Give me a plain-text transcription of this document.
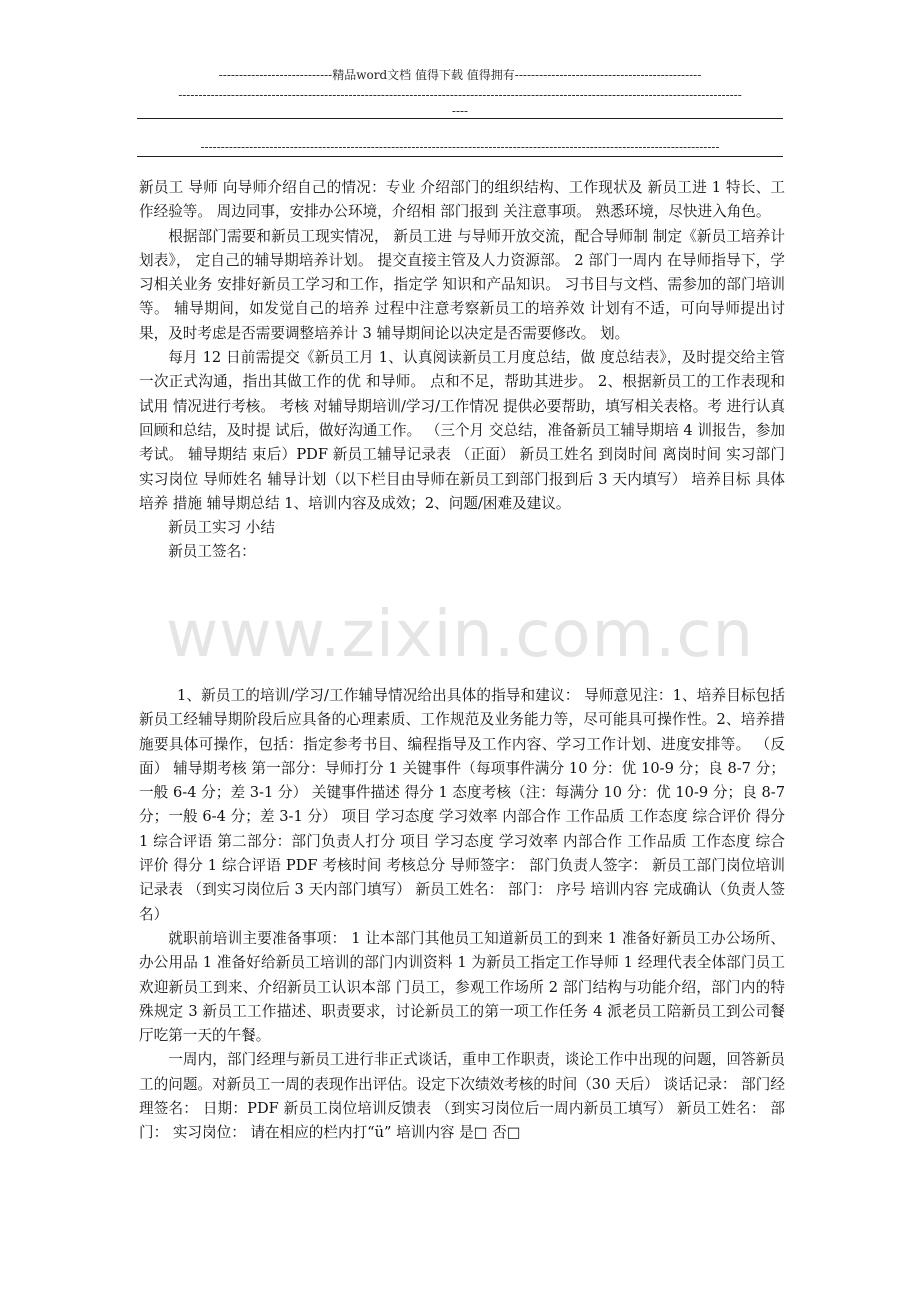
----------------------------精品word文档 值得下载 值得拥有----------------------------------------------
-------------------------------------------------------------------------------------------------------------------------------------------
----
--------------------------------------------------------------------------------------------------------------------------------
www.zixin.com.cn

新员工 导师 向导师介绍自己的情况：专业 介绍部门的组织结构、工作现状及 新员工进 1 特长、工作经验等。 周边同事，安排办公环境，介绍相 部门报到 关注意事项。 熟悉环境，尽快进入角色。

根据部门需要和新员工现实情况， 新员工进 与导师开放交流，配合导师制 制定《新员工培养计划表》， 定自己的辅导期培养计划。 提交直接主管及人力资源部。 2 部门一周内 在导师指导下，学习相关业务 安排好新员工学习和工作，指定学 知识和产品知识。 习书目与文档、需参加的部门培训 等。 辅导期间，如发觉自己的培养 过程中注意考察新员工的培养效 计划有不适，可向导师提出讨 果，及时考虑是否需要调整培养计 3 辅导期间论以决定是否需要修改。 划。

每月 12 日前需提交《新员工月 1、认真阅读新员工月度总结，做 度总结表》，及时提交给主管 一次正式沟通，指出其做工作的优 和导师。 点和不足，帮助其进步。 2、根据新员工的工作表现和试用 情况进行考核。 考核 对辅导期培训/学习/工作情况 提供必要帮助，填写相关表格。考 进行认真回顾和总结，及时提 试后，做好沟通工作。 （三个月 交总结，准备新员工辅导期培 4 训报告，参加考试。 辅导期结 束后）PDF 新员工辅导记录表 （正面） 新员工姓名 到岗时间 离岗时间 实习部门 实习岗位 导师姓名 辅导计划（以下栏目由导师在新员工到部门报到后 3 天内填写） 培养目标 具体培养 措施 辅导期总结 1、培训内容及成效；2、问题/困难及建议。

新员工实习 小结

新员工签名：

1、新员工的培训/学习/工作辅导情况给出具体的指导和建议： 导师意见注：1、培养目标包括新员工经辅导期阶段后应具备的心理素质、工作规范及业务能力等，尽可能具可操作性。2、培养措施要具体可操作，包括：指定参考书目、编程指导及工作内容、学习工作计划、进度安排等。 （反面） 辅导期考核 第一部分：导师打分 1 关键事件（每项事件满分 10 分：优 10-9 分；良 8-7 分；一般 6-4 分；差 3-1 分） 关键事件描述 得分 1 态度考核（注：每满分 10 分：优 10-9 分；良 8-7 分；一般 6-4 分；差 3-1 分） 项目 学习态度 学习效率 内部合作 工作品质 工作态度 综合评价 得分 1 综合评语 第二部分：部门负责人打分 项目 学习态度 学习效率 内部合作 工作品质 工作态度 综合评价 得分 1 综合评语 PDF 考核时间 考核总分 导师签字： 部门负责人签字： 新员工部门岗位培训记录表 （到实习岗位后 3 天内部门填写） 新员工姓名： 部门： 序号 培训内容 完成确认（负责人签名）

就职前培训主要准备事项： 1 让本部门其他员工知道新员工的到来 1 准备好新员工办公场所、办公用品 1 准备好给新员工培训的部门内训资料 1 为新员工指定工作导师 1 经理代表全体部门员工欢迎新员工到来、介绍新员工认识本部 门员工，参观工作场所 2 部门结构与功能介绍，部门内的特殊规定 3 新员工工作描述、职责要求，讨论新员工的第一项工作任务 4 派老员工陪新员工到公司餐厅吃第一天的午餐。

一周内，部门经理与新员工进行非正式谈话，重申工作职责，谈论工作中出现的问题，回答新员工的问题。对新员工一周的表现作出评估。设定下次绩效考核的时间（30 天后） 谈话记录： 部门经理签名： 日期：PDF 新员工岗位培训反馈表 （到实习岗位后一周内新员工填写） 新员工姓名： 部门： 实习岗位： 请在相应的栏内打“ü” 培训内容 是□ 否□
